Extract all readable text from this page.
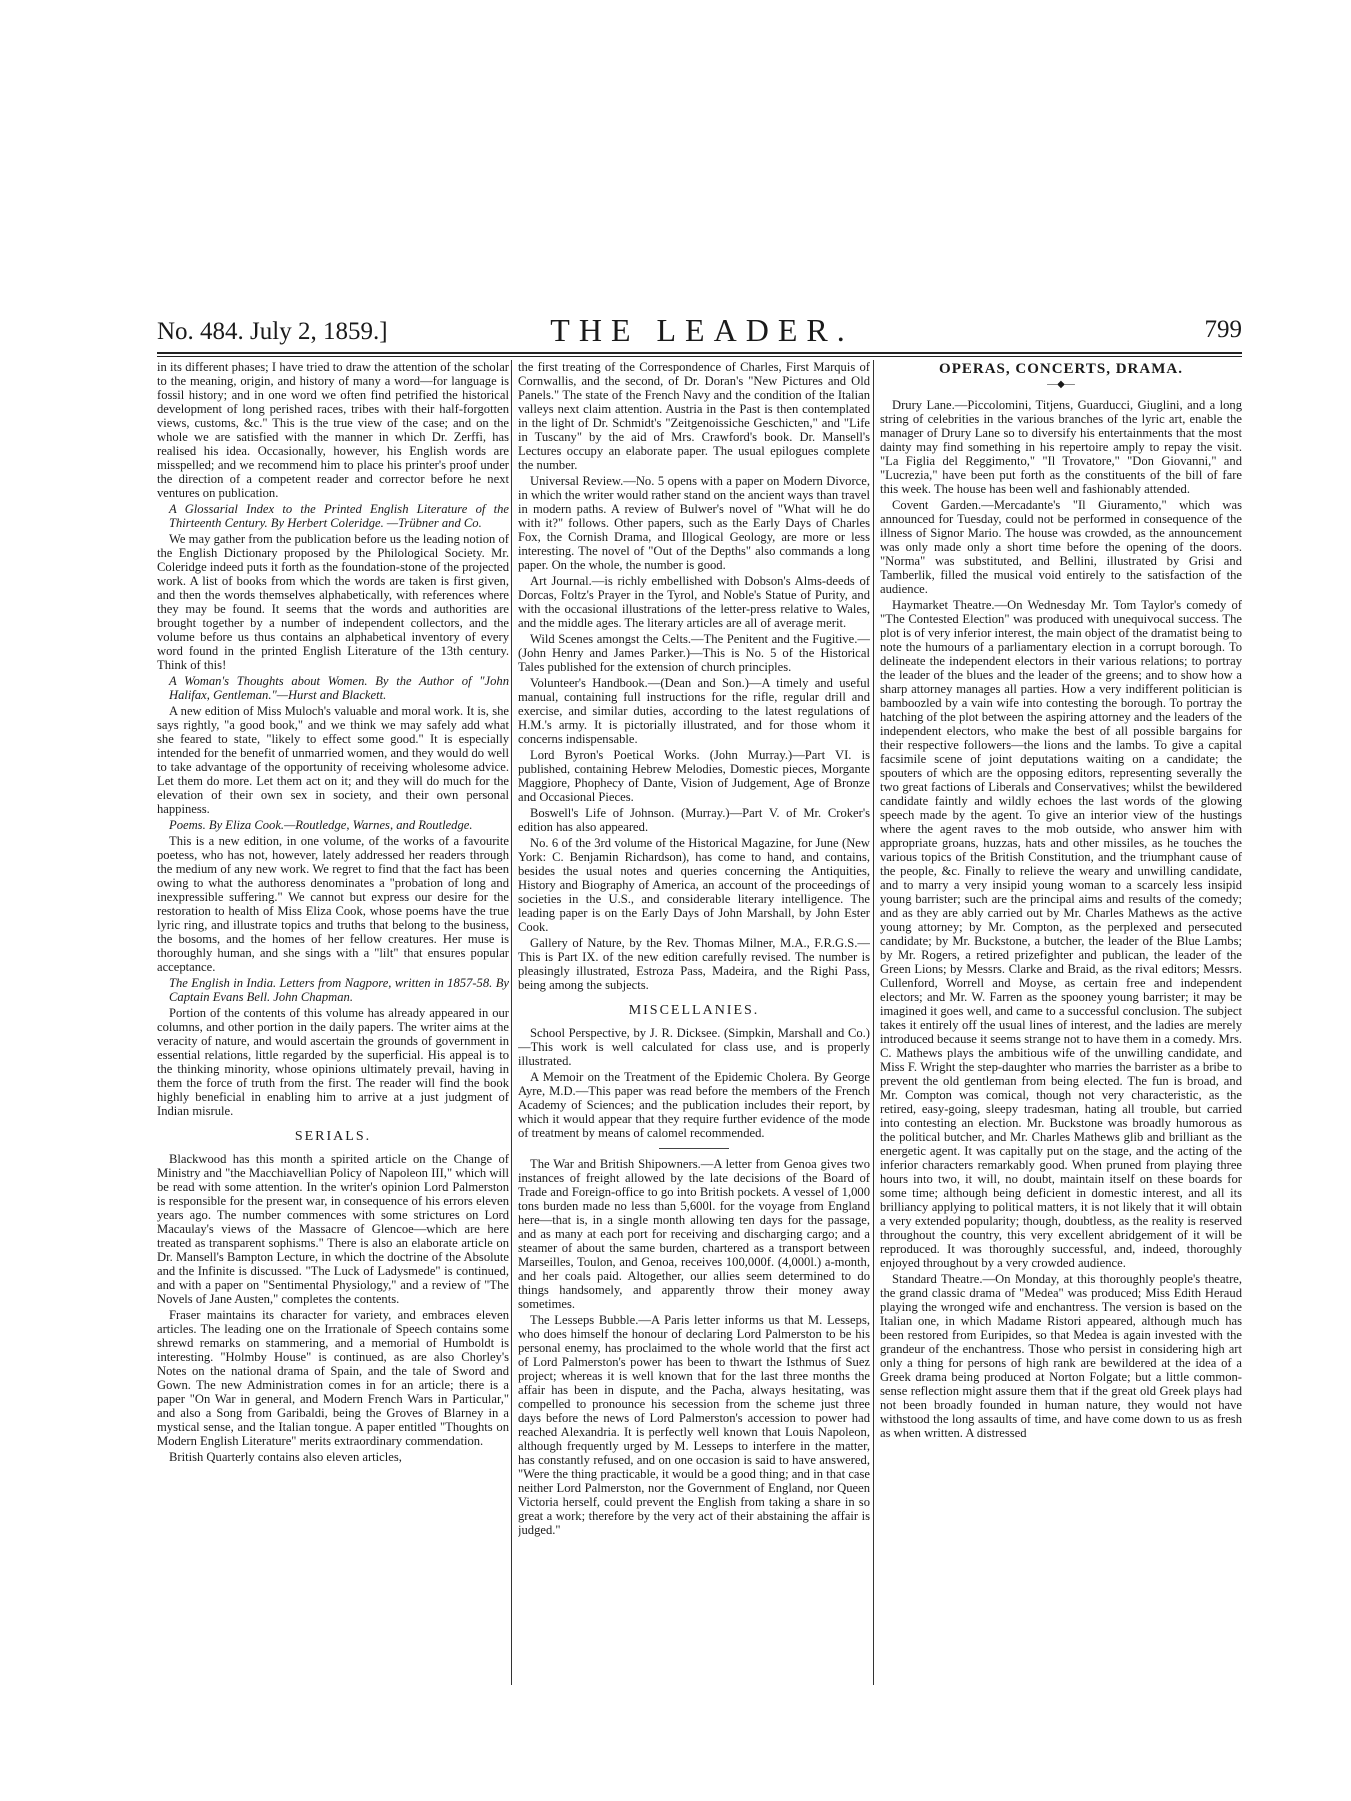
No. 484. July 2, 1859.]	THE LEADER.	799

in its different phases; I have tried to draw the attention of the scholar to the meaning, origin, and history of many a word—for language is fossil history; and in one word we often find petrified the historical development of long perished races, tribes with their half-forgotten views, customs, &c." This is the true view of the case; and on the whole we are satisfied with the manner in which Dr. Zerffi, has realised his idea. Occasionally, however, his English words are misspelled; and we recommend him to place his printer's proof under the direction of a competent reader and corrector before he next ventures on publication.

A Glossarial Index to the Printed English Literature of the Thirteenth Century. By Herbert Coleridge. —Trübner and Co.

We may gather from the publication before us the leading notion of the English Dictionary proposed by the Philological Society. Mr. Coleridge indeed puts it forth as the foundation-stone of the projected work. A list of books from which the words are taken is first given, and then the words themselves alphabetically, with references where they may be found. It seems that the words and authorities are brought together by a number of independent collectors, and the volume before us thus contains an alphabetical inventory of every word found in the printed English Literature of the 13th century. Think of this!

A Woman's Thoughts about Women. By the Author of "John Halifax, Gentleman."—Hurst and Blackett.

A new edition of Miss Muloch's valuable and moral work. It is, she says rightly, "a good book," and we think we may safely add what she feared to state, "likely to effect some good." It is especially intended for the benefit of unmarried women, and they would do well to take advantage of the opportunity of receiving wholesome advice. Let them do more. Let them act on it; and they will do much for the elevation of their own sex in society, and their own personal happiness.

Poems. By Eliza Cook.—Routledge, Warnes, and Routledge.

This is a new edition, in one volume, of the works of a favourite poetess, who has not, however, lately addressed her readers through the medium of any new work. We regret to find that the fact has been owing to what the authoress denominates a "probation of long and inexpressible suffering." We cannot but express our desire for the restoration to health of Miss Eliza Cook, whose poems have the true lyric ring, and illustrate topics and truths that belong to the business, the bosoms, and the homes of her fellow creatures. Her muse is thoroughly human, and she sings with a "lilt" that ensures popular acceptance.

The English in India. Letters from Nagpore, written in 1857-58. By Captain Evans Bell. John Chapman.

Portion of the contents of this volume has already appeared in our columns, and other portion in the daily papers. The writer aims at the veracity of nature, and would ascertain the grounds of government in essential relations, little regarded by the superficial. His appeal is to the thinking minority, whose opinions ultimately prevail, having in them the force of truth from the first. The reader will find the book highly beneficial in enabling him to arrive at a just judgment of Indian misrule.

SERIALS.

Blackwood has this month a spirited article on the Change of Ministry and "the Macchiavellian Policy of Napoleon III," which will be read with some attention. In the writer's opinion Lord Palmerston is responsible for the present war, in consequence of his errors eleven years ago. The number commences with some strictures on Lord Macaulay's views of the Massacre of Glencoe—which are here treated as transparent sophisms." There is also an elaborate article on Dr. Mansell's Bampton Lecture, in which the doctrine of the Absolute and the Infinite is discussed. "The Luck of Ladysmede" is continued, and with a paper on "Sentimental Physiology," and a review of "The Novels of Jane Austen," completes the contents.

Fraser maintains its character for variety, and embraces eleven articles. The leading one on the Irrationale of Speech contains some shrewd remarks on stammering, and a memorial of Humboldt is interesting. "Holmby House" is continued, as are also Chorley's Notes on the national drama of Spain, and the tale of Sword and Gown. The new Administration comes in for an article; there is a paper "On War in general, and Modern French Wars in Particular," and also a Song from Garibaldi, being the Groves of Blarney in a mystical sense, and the Italian tongue. A paper entitled "Thoughts on Modern English Literature" merits extraordinary commendation.

British Quarterly contains also eleven articles,

the first treating of the Correspondence of Charles, First Marquis of Cornwallis, and the second, of Dr. Doran's "New Pictures and Old Panels." The state of the French Navy and the condition of the Italian valleys next claim attention. Austria in the Past is then contemplated in the light of Dr. Schmidt's "Zeitgenoissiche Geschicten," and "Life in Tuscany" by the aid of Mrs. Crawford's book. Dr. Mansell's Lectures occupy an elaborate paper. The usual epilogues complete the number.

Universal Review.—No. 5 opens with a paper on Modern Divorce, in which the writer would rather stand on the ancient ways than travel in modern paths. A review of Bulwer's novel of "What will he do with it?" follows. Other papers, such as the Early Days of Charles Fox, the Cornish Drama, and Illogical Geology, are more or less interesting. The novel of "Out of the Depths" also commands a long paper. On the whole, the number is good.

Art Journal.—is richly embellished with Dobson's Alms-deeds of Dorcas, Foltz's Prayer in the Tyrol, and Noble's Statue of Purity, and with the occasional illustrations of the letter-press relative to Wales, and the middle ages. The literary articles are all of average merit.

Wild Scenes amongst the Celts.—The Penitent and the Fugitive.—(John Henry and James Parker.)—This is No. 5 of the Historical Tales published for the extension of church principles.

Volunteer's Handbook.—(Dean and Son.)—A timely and useful manual, containing full instructions for the rifle, regular drill and exercise, and similar duties, according to the latest regulations of H.M.'s army. It is pictorially illustrated, and for those whom it concerns indispensable.

Lord Byron's Poetical Works. (John Murray.)—Part VI. is published, containing Hebrew Melodies, Domestic pieces, Morgante Maggiore, Phophecy of Dante, Vision of Judgement, Age of Bronze and Occasional Pieces.

Boswell's Life of Johnson. (Murray.)—Part V. of Mr. Croker's edition has also appeared.

No. 6 of the 3rd volume of the Historical Magazine, for June (New York: C. Benjamin Richardson), has come to hand, and contains, besides the usual notes and queries concerning the Antiquities, History and Biography of America, an account of the proceedings of societies in the U.S., and considerable literary intelligence. The leading paper is on the Early Days of John Marshall, by John Ester Cook.

Gallery of Nature, by the Rev. Thomas Milner, M.A., F.R.G.S.—This is Part IX. of the new edition carefully revised. The number is pleasingly illustrated, Estroza Pass, Madeira, and the Righi Pass, being among the subjects.

MISCELLANIES.

School Perspective, by J. R. Dicksee. (Simpkin, Marshall and Co.)—This work is well calculated for class use, and is properly illustrated.

A Memoir on the Treatment of the Epidemic Cholera. By George Ayre, M.D.—This paper was read before the members of the French Academy of Sciences; and the publication includes their report, by which it would appear that they require further evidence of the mode of treatment by means of calomel recommended.

The War and British Shipowners.—A letter from Genoa gives two instances of freight allowed by the late decisions of the Board of Trade and Foreign-office to go into British pockets. A vessel of 1,000 tons burden made no less than 5,600l. for the voyage from England here—that is, in a single month allowing ten days for the passage, and as many at each port for receiving and discharging cargo; and a steamer of about the same burden, chartered as a transport between Marseilles, Toulon, and Genoa, receives 100,000f. (4,000l.) a-month, and her coals paid. Altogether, our allies seem determined to do things handsomely, and apparently throw their money away sometimes.

The Lesseps Bubble.—A Paris letter informs us that M. Lesseps, who does himself the honour of declaring Lord Palmerston to be his personal enemy, has proclaimed to the whole world that the first act of Lord Palmerston's power has been to thwart the Isthmus of Suez project; whereas it is well known that for the last three months the affair has been in dispute, and the Pacha, always hesitating, was compelled to pronounce his secession from the scheme just three days before the news of Lord Palmerston's accession to power had reached Alexandria. It is perfectly well known that Louis Napoleon, although frequently urged by M. Lesseps to interfere in the matter, has constantly refused, and on one occasion is said to have answered, "Were the thing practicable, it would be a good thing; and in that case neither Lord Palmerston, nor the Government of England, nor Queen Victoria herself, could prevent the English from taking a share in so great a work; therefore by the very act of their abstaining the affair is judged."

OPERAS, CONCERTS, DRAMA.
—◆—

Drury Lane.—Piccolomini, Titjens, Guarducci, Giuglini, and a long string of celebrities in the various branches of the lyric art, enable the manager of Drury Lane so to diversify his entertainments that the most dainty may find something in his repertoire amply to repay the visit. "La Figlia del Reggimento," "Il Trovatore," "Don Giovanni," and "Lucrezia," have been put forth as the constituents of the bill of fare this week. The house has been well and fashionably attended.

Covent Garden.—Mercadante's "Il Giuramento," which was announced for Tuesday, could not be performed in consequence of the illness of Signor Mario. The house was crowded, as the announcement was only made only a short time before the opening of the doors. "Norma" was substituted, and Bellini, illustrated by Grisi and Tamberlik, filled the musical void entirely to the satisfaction of the audience.

Haymarket Theatre.—On Wednesday Mr. Tom Taylor's comedy of "The Contested Election" was produced with unequivocal success. The plot is of very inferior interest, the main object of the dramatist being to note the humours of a parliamentary election in a corrupt borough. To delineate the independent electors in their various relations; to portray the leader of the blues and the leader of the greens; and to show how a sharp attorney manages all parties. How a very indifferent politician is bamboozled by a vain wife into contesting the borough. To portray the hatching of the plot between the aspiring attorney and the leaders of the independent electors, who make the best of all possible bargains for their respective followers—the lions and the lambs. To give a capital facsimile scene of joint deputations waiting on a candidate; the spouters of which are the opposing editors, representing severally the two great factions of Liberals and Conservatives; whilst the bewildered candidate faintly and wildly echoes the last words of the glowing speech made by the agent. To give an interior view of the hustings where the agent raves to the mob outside, who answer him with appropriate groans, huzzas, hats and other missiles, as he touches the various topics of the British Constitution, and the triumphant cause of the people, &c. Finally to relieve the weary and unwilling candidate, and to marry a very insipid young woman to a scarcely less insipid young barrister; such are the principal aims and results of the comedy; and as they are ably carried out by Mr. Charles Mathews as the active young attorney; by Mr. Compton, as the perplexed and persecuted candidate; by Mr. Buckstone, a butcher, the leader of the Blue Lambs; by Mr. Rogers, a retired prizefighter and publican, the leader of the Green Lions; by Messrs. Clarke and Braid, as the rival editors; Messrs. Cullenford, Worrell and Moyse, as certain free and independent electors; and Mr. W. Farren as the spooney young barrister; it may be imagined it goes well, and came to a successful conclusion. The subject takes it entirely off the usual lines of interest, and the ladies are merely introduced because it seems strange not to have them in a comedy. Mrs. C. Mathews plays the ambitious wife of the unwilling candidate, and Miss F. Wright the step-daughter who marries the barrister as a bribe to prevent the old gentleman from being elected. The fun is broad, and Mr. Compton was comical, though not very characteristic, as the retired, easy-going, sleepy tradesman, hating all trouble, but carried into contesting an election. Mr. Buckstone was broadly humorous as the political butcher, and Mr. Charles Mathews glib and brilliant as the energetic agent. It was capitally put on the stage, and the acting of the inferior characters remarkably good. When pruned from playing three hours into two, it will, no doubt, maintain itself on these boards for some time; although being deficient in domestic interest, and all its brilliancy applying to political matters, it is not likely that it will obtain a very extended popularity; though, doubtless, as the reality is reserved throughout the country, this very excellent abridgement of it will be reproduced. It was thoroughly successful, and, indeed, thoroughly enjoyed throughout by a very crowded audience.

Standard Theatre.—On Monday, at this thoroughly people's theatre, the grand classic drama of "Medea" was produced; Miss Edith Heraud playing the wronged wife and enchantress. The version is based on the Italian one, in which Madame Ristori appeared, although much has been restored from Euripides, so that Medea is again invested with the grandeur of the enchantress. Those who persist in considering high art only a thing for persons of high rank are bewildered at the idea of a Greek drama being produced at Norton Folgate; but a little common-sense reflection might assure them that if the great old Greek plays had not been broadly founded in human nature, they would not have withstood the long assaults of time, and have come down to us as fresh as when written. A distressed
